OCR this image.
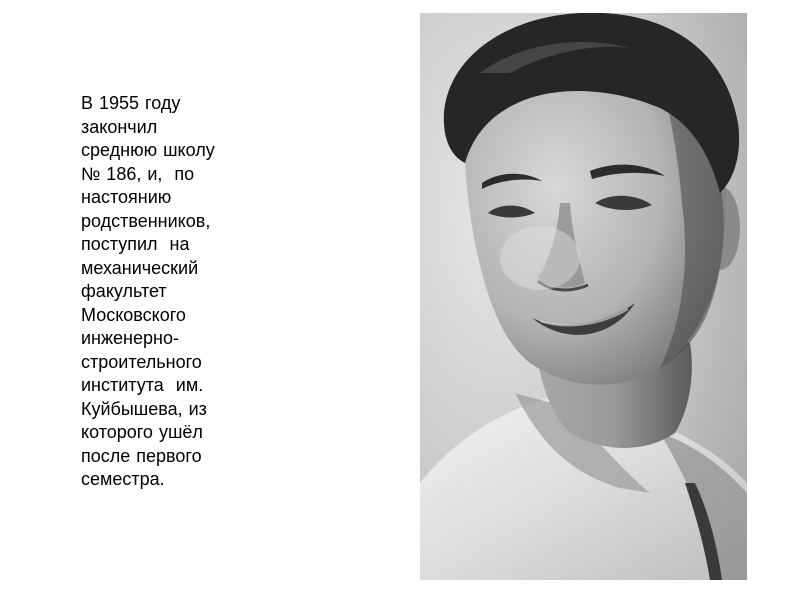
В 1955 году
закончил
среднюю школу
№ 186, и,  по
настоянию
родственников,
поступил  на
механический
факультет
Московского
инженерно-
строительного
института  им.
Куйбышева, из
которого ушёл
после первого
семестра.
